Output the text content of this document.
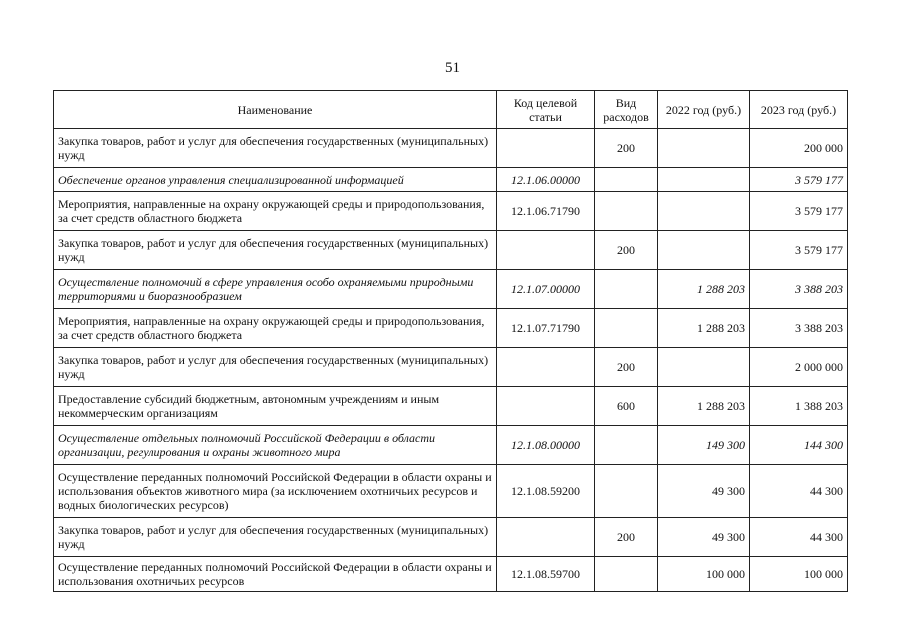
51
Наименование	Код целевой статьи	Вид расходов	2022 год (руб.)	2023 год (руб.)
Закупка товаров, работ и услуг для обеспечения государственных (муниципальных) нужд		200		200 000
Обеспечение органов управления специализированной информацией	12.1.06.00000			3 579 177
Мероприятия, направленные на охрану окружающей среды и природопользования, за счет средств областного бюджета	12.1.06.71790			3 579 177
Закупка товаров, работ и услуг для обеспечения государственных (муниципальных) нужд		200		3 579 177
Осуществление полномочий в сфере управления особо охраняемыми природными территориями и биоразнообразием	12.1.07.00000		1 288 203	3 388 203
Мероприятия, направленные на охрану окружающей среды и природопользования, за счет средств областного бюджета	12.1.07.71790		1 288 203	3 388 203
Закупка товаров, работ и услуг для обеспечения государственных (муниципальных) нужд		200		2 000 000
Предоставление субсидий бюджетным, автономным учреждениям и иным некоммерческим организациям		600	1 288 203	1 388 203
Осуществление отдельных полномочий Российской Федерации в области организации, регулирования и охраны животного мира	12.1.08.00000		149 300	144 300
Осуществление переданных полномочий Российской Федерации в области охраны и использования объектов животного мира (за исключением охотничьих ресурсов и водных биологических ресурсов)	12.1.08.59200		49 300	44 300
Закупка товаров, работ и услуг для обеспечения государственных (муниципальных) нужд		200	49 300	44 300
Осуществление переданных полномочий Российской Федерации в области охраны и использования охотничьих ресурсов	12.1.08.59700		100 000	100 000
